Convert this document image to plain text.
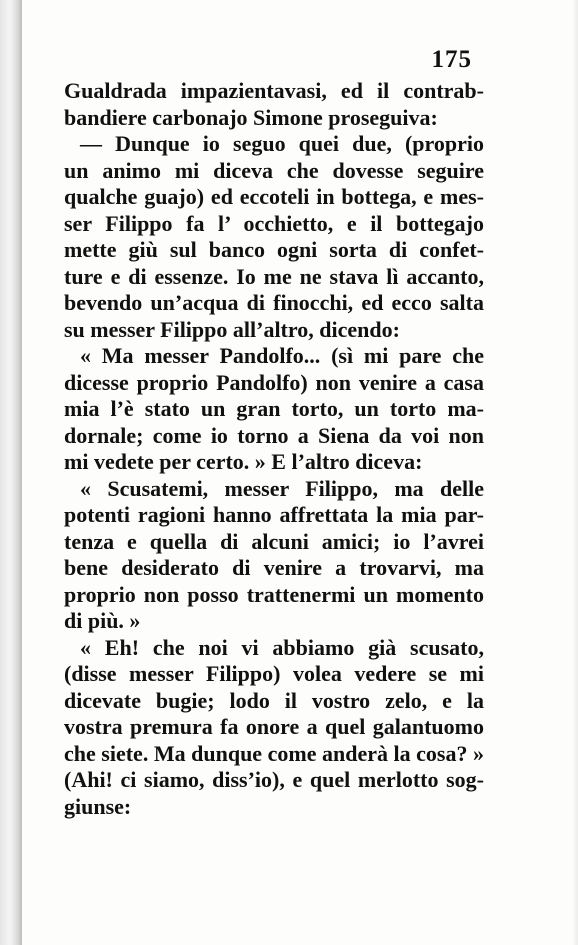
175
Gualdrada impazientavasi, ed il contrab-
bandiere carbonajo Simone proseguiva:
— Dunque io seguo quei due, (proprio
un animo mi diceva che dovesse seguire
qualche guajo) ed eccoteli in bottega, e mes-
ser Filippo fa l’ occhietto, e il bottegajo
mette giù sul banco ogni sorta di confet-
ture e di essenze. Io me ne stava lì accanto,
bevendo un’acqua di finocchi, ed ecco salta
su messer Filippo all’altro, dicendo:
« Ma messer Pandolfo... (sì mi pare che
dicesse proprio Pandolfo) non venire a casa
mia l’è stato un gran torto, un torto ma-
dornale; come io torno a Siena da voi non
mi vedete per certo. » E l’altro diceva:
« Scusatemi, messer Filippo, ma delle
potenti ragioni hanno affrettata la mia par-
tenza e quella di alcuni amici; io l’avrei
bene desiderato di venire a trovarvi, ma
proprio non posso trattenermi un momento
di più. »
« Eh! che noi vi abbiamo già scusato,
(disse messer Filippo) volea vedere se mi
dicevate bugie; lodo il vostro zelo, e la
vostra premura fa onore a quel galantuomo
che siete. Ma dunque come anderà la cosa? »
(Ahi! ci siamo, diss’io), e quel merlotto sog-
giunse:
